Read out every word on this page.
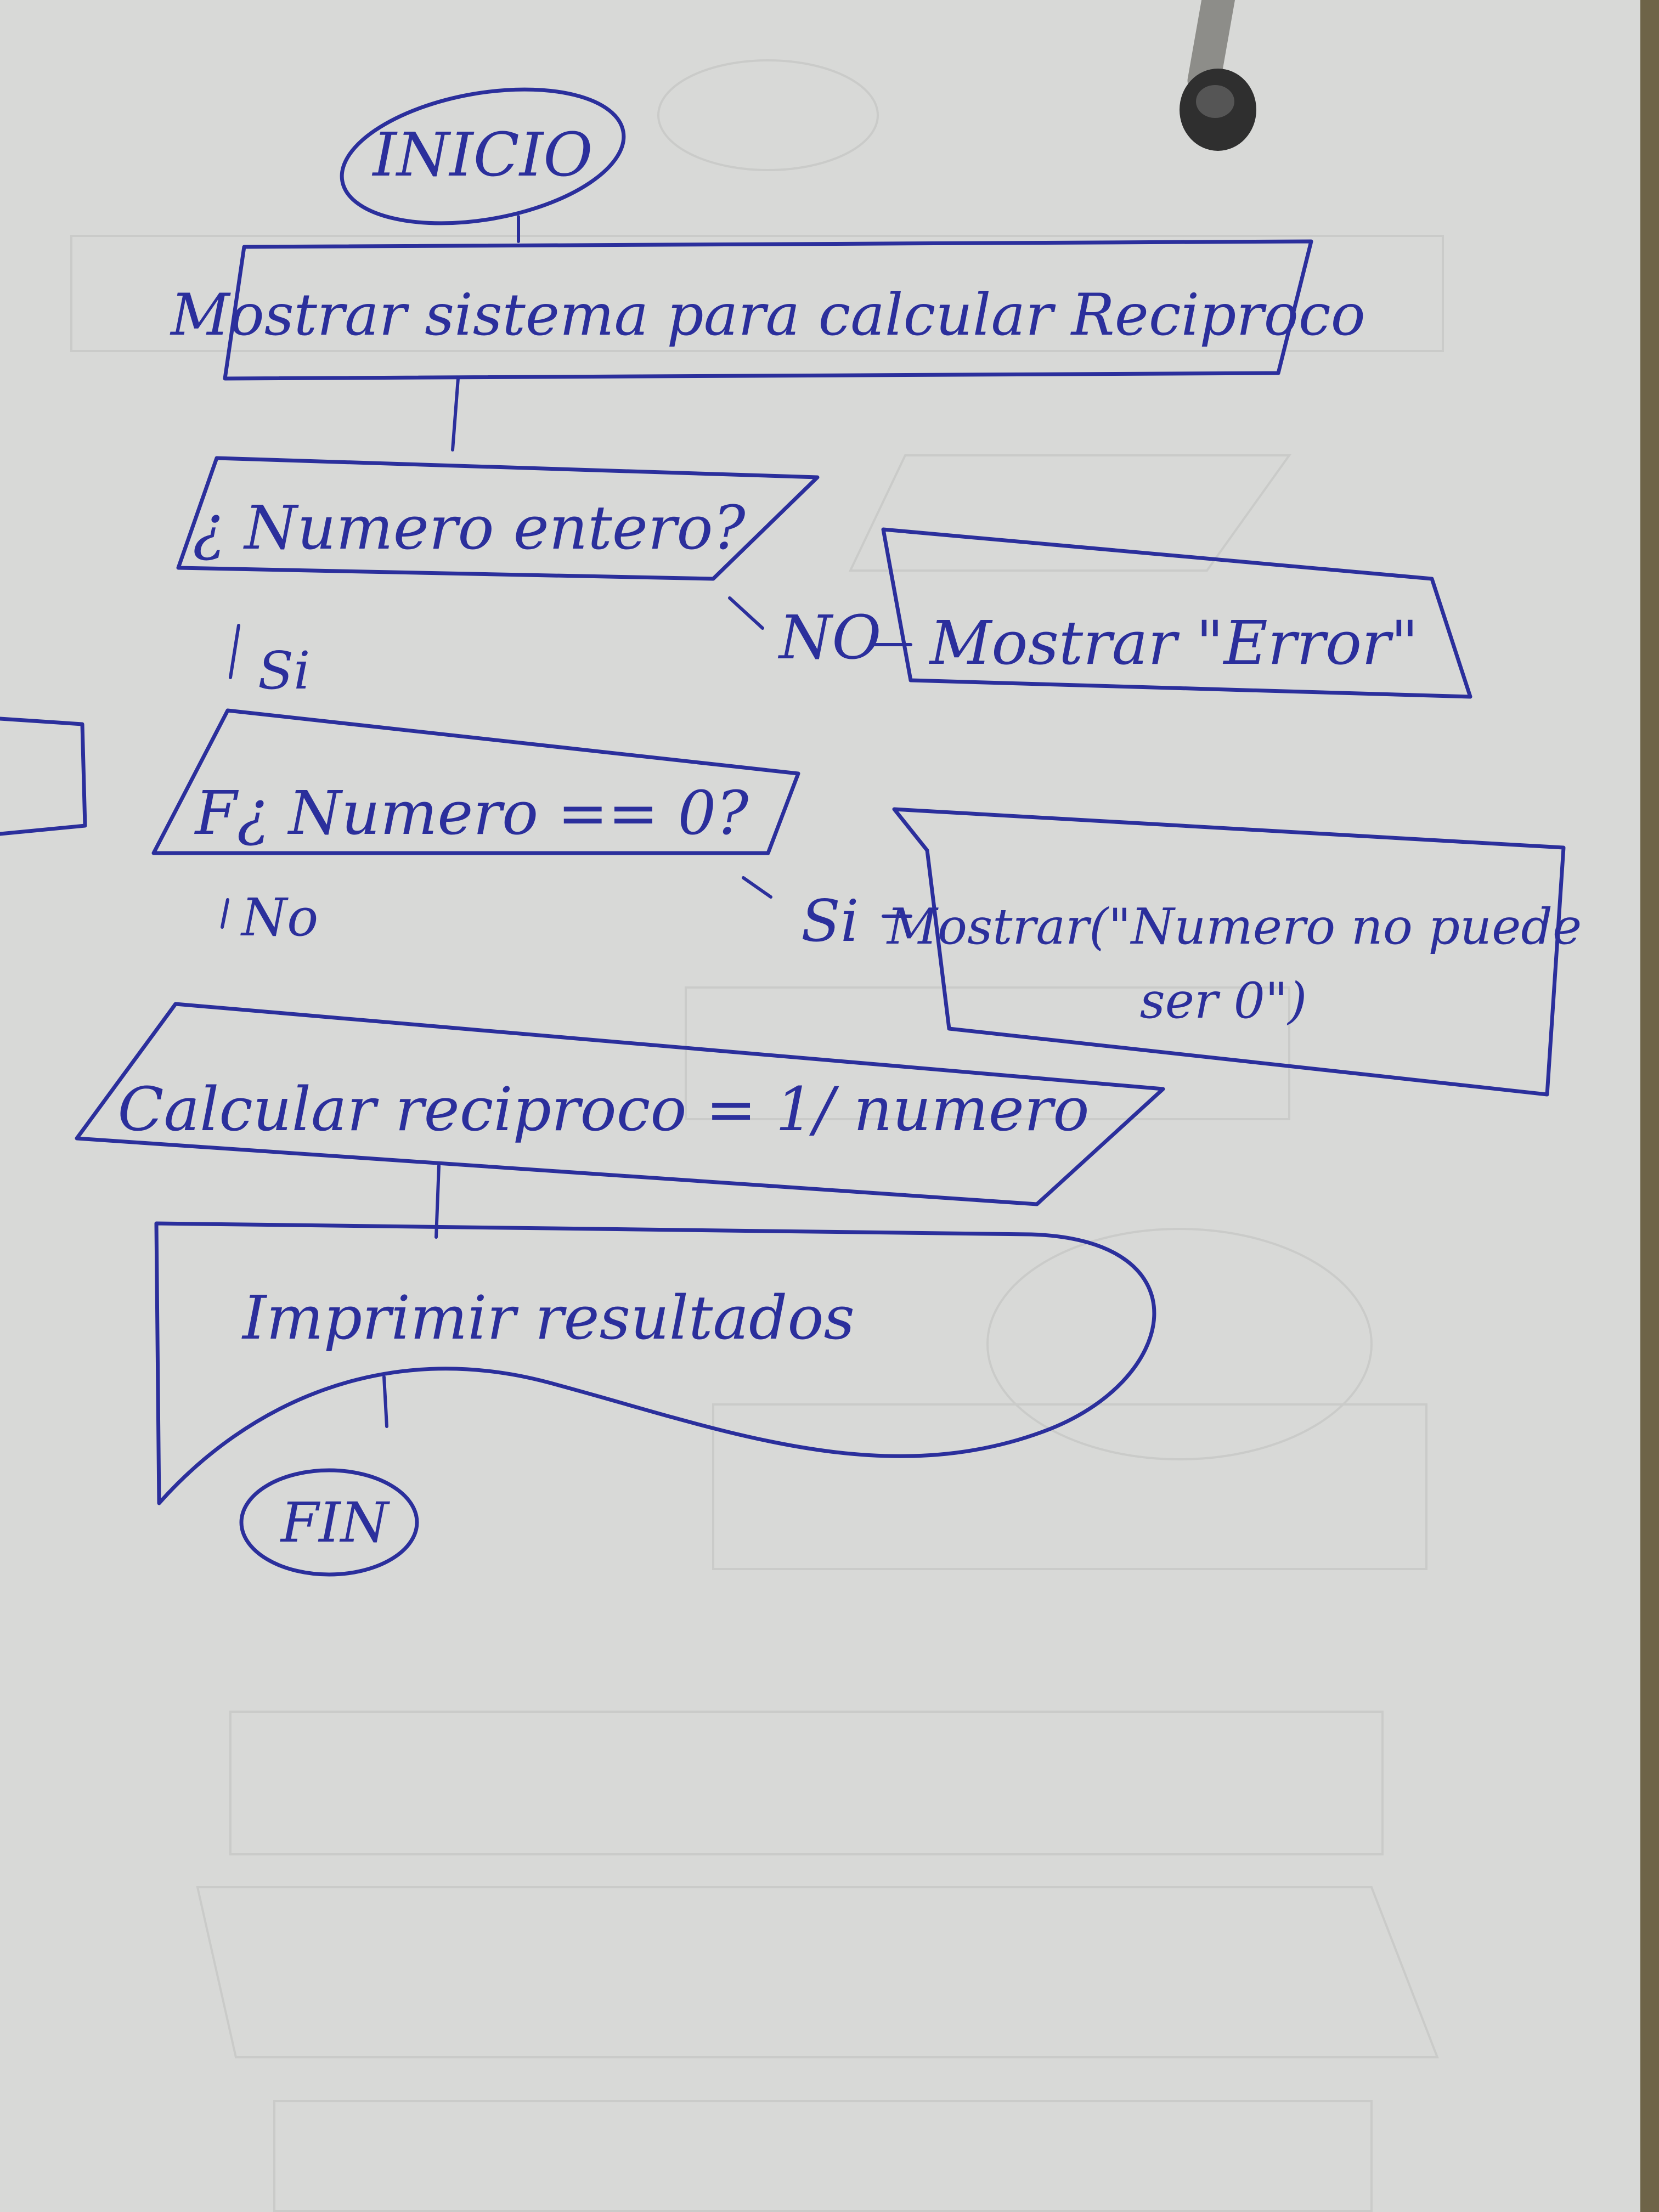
INICIO
Mostrar sistema para calcular Reciproco
¿ Numero entero?
NO Mostrar "Error"
Si
F¿ Numero == 0?
Si Mostrar("Numero no puede
ser 0")
No
Calcular reciproco = 1/ numero
Imprimir resultados
FIN
